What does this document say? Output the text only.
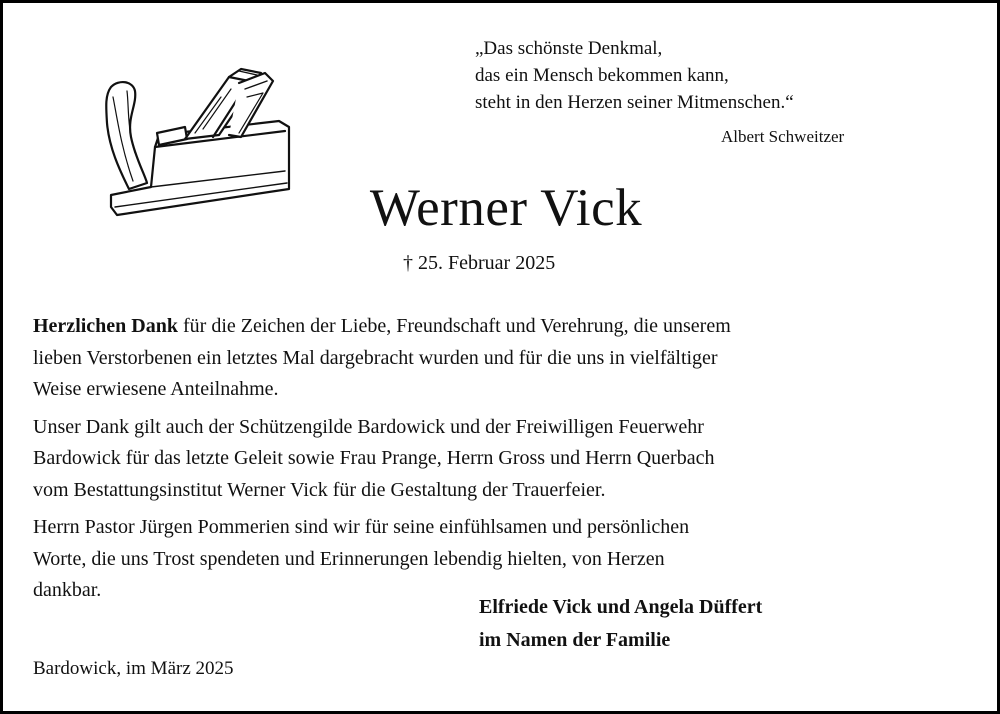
„Das schönste Denkmal,
das ein Mensch bekommen kann,
steht in den Herzen seiner Mitmenschen.“
Albert Schweitzer
Werner Vick
† 25. Februar 2025

Herzlichen Dank für die Zeichen der Liebe, Freundschaft und Verehrung, die unserem
lieben Verstorbenen ein letztes Mal dargebracht wurden und für die uns in vielfältiger
Weise erwiesene Anteilnahme.

Unser Dank gilt auch der Schützengilde Bardowick und der Freiwilligen Feuerwehr
Bardowick für das letzte Geleit sowie Frau Prange, Herrn Gross und Herrn Querbach
vom Bestattungsinstitut Werner Vick für die Gestaltung der Trauerfeier.

Herrn Pastor Jürgen Pommerien sind wir für seine einfühlsamen und persönlichen
Worte, die uns Trost spendeten und Erinnerungen lebendig hielten, von Herzen
dankbar.

Elfriede Vick und Angela Düffert
im Namen der Familie
Bardowick, im März 2025
